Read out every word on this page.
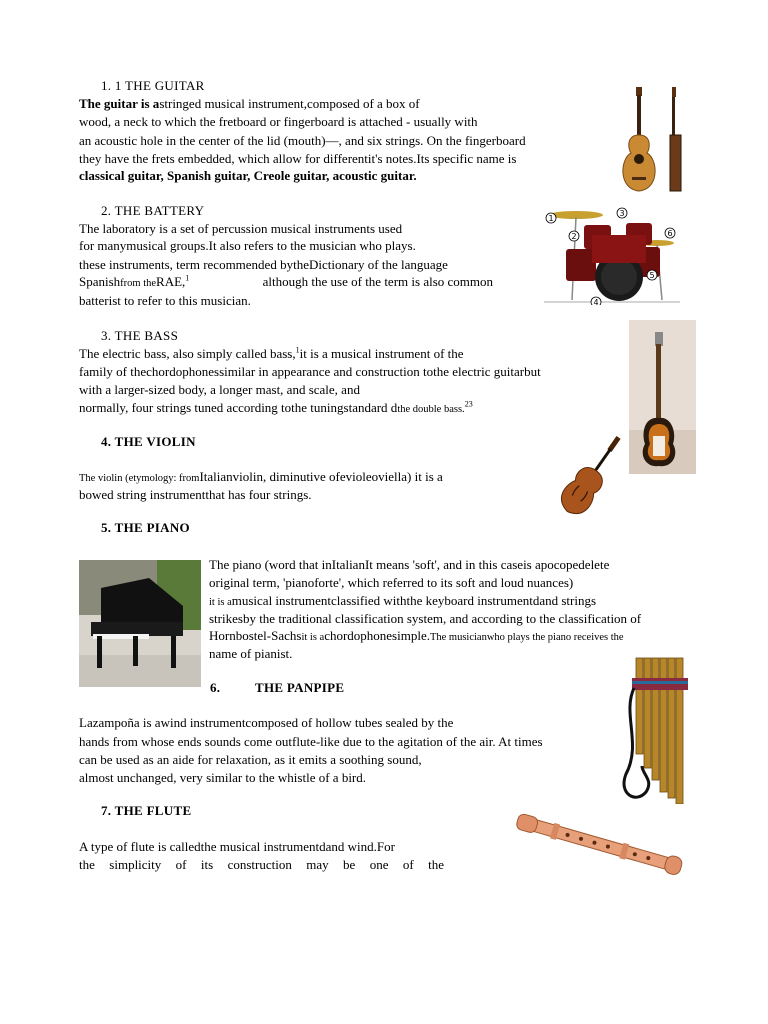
1. 1 THE GUITAR
The guitar is astringed musical instrument,composed of a box of
wood, a neck to which the fretboard or fingerboard is attached - usually with
an acoustic hole in the center of the lid (mouth)—, and six strings. On the fingerboard
they have the frets embedded, which allow for differentit's notes.Its specific name is
classical guitar, Spanish guitar, Creole guitar, acoustic guitar.
2. THE BATTERY
The laboratory is a set of percussion musical instruments used
for manymusical groups.It also refers to the musician who plays.
these instruments, term recommended bytheDictionary of the language
Spanishfrom theRAE,$^1$	although the use of the term is also common
batterist to refer to this musician.
1
2
3
4
5
6
3. THE BASS
The electric bass, also simply called bass,$^1$it is a musical instrument of the
family of thechordophonessimilar in appearance and construction tothe electric guitarbut
with a larger-sized body, a longer mast, and scale, and
normally, four strings tuned according tothe tuningstandard dthe double bass.$^{23}$
4. THE VIOLIN
The violin (etymology: fromItalianviolin, diminutive ofevioleoviella) it is a
bowed string instrumentthat has four strings.
5. THE PIANO
The piano (word that inItalianIt means 'soft', and in this caseis apocopedelete
original term, 'pianoforte', which referred to its soft and loud nuances)
it is amusical instrumentclassified withthe keyboard instrumentdand strings
strikesby the traditional classification system, and according to the classification of
Hornbostel-Sachsit is achordophonesimple.The musicianwho plays the piano receives the
name of pianist.
6.	THE PANPIPE
Lazampoña is awind instrumentcomposed of hollow tubes sealed by the
hands from whose ends sounds come outflute-like due to the agitation of the air. At times
can be used as an aide for relaxation, as it emits a soothing sound,
almost unchanged, very similar to the whistle of a bird.
7. THE FLUTE
A type of flute is calledthe musical instrumentdand wind.For
the simplicity of its construction may be one of the
